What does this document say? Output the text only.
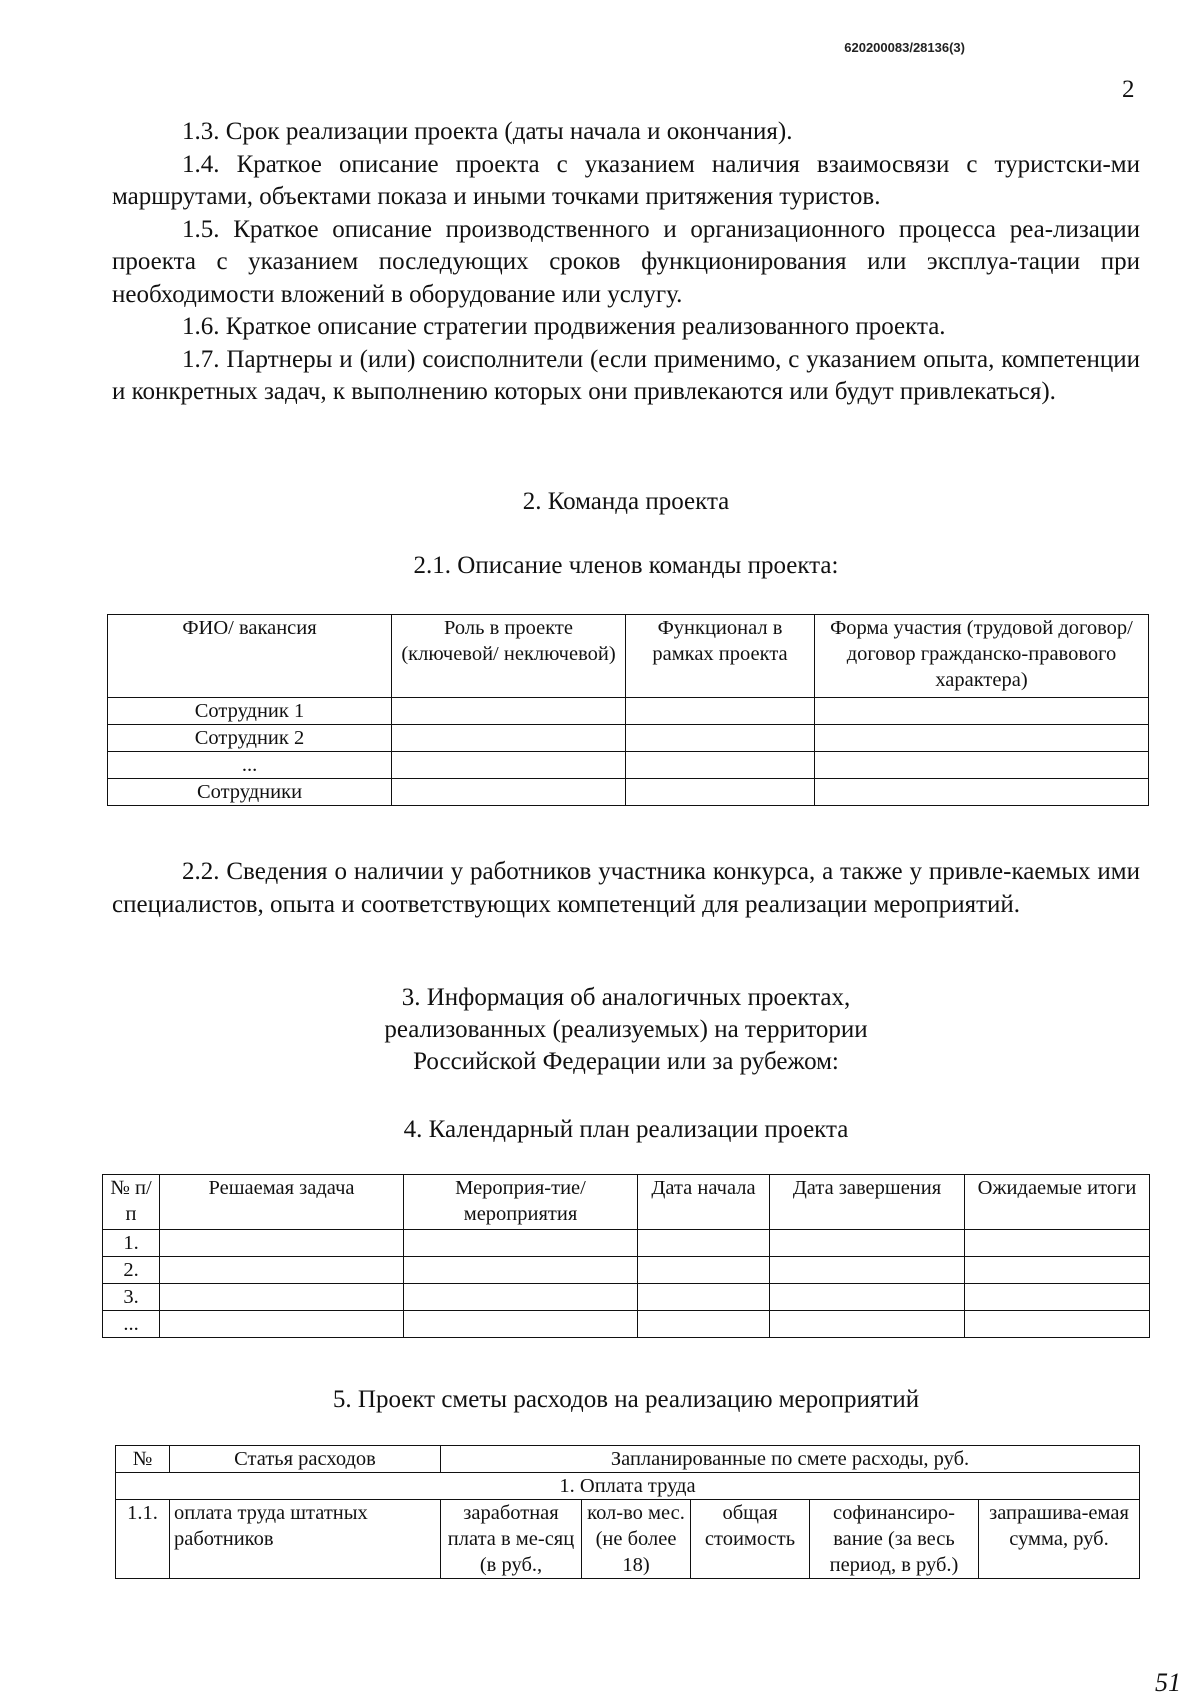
620200083/28136(3)
2

1.3. Срок реализации проекта (даты начала и окончания).

1.4. Краткое описание проекта с указанием наличия взаимосвязи с туристски-ми маршрутами, объектами показа и иными точками притяжения туристов.

1.5. Краткое описание производственного и организационного процесса реа-лизации проекта с указанием последующих сроков функционирования или эксплуа-тации при необходимости вложений в оборудование или услугу.

1.6. Краткое описание стратегии продвижения реализованного проекта.

1.7. Партнеры и (или) соисполнители (если применимо, с указанием опыта, компетенции и конкретных задач, к выполнению которых они привлекаются или будут привлекаться).

2. Команда проекта
2.1. Описание членов команды проекта:
ФИО/ вакансия	Роль в проекте (ключевой/ неключевой)	Функционал в рамках проекта	Форма участия (трудовой договор/ договор гражданско-правового характера)
Сотрудник 1			
Сотрудник 2			
...			
Сотрудники			

2.2. Сведения о наличии у работников участника конкурса, а также у привле-каемых ими специалистов, опыта и соответствующих компетенций для реализации мероприятий.

3. Информация об аналогичных проектах,
реализованных (реализуемых) на территории
Российской Федерации или за рубежом:
4. Календарный план реализации проекта
№ п/п	Решаемая задача	Мероприя-тие/мероприятия	Дата начала	Дата завершения	Ожидаемые итоги
1.					
2.					
3.					
...					
5. Проект сметы расходов на реализацию мероприятий
№	Статья расходов	Запланированные по смете расходы, руб.				
1. Оплата труда						
1.1.	оплата труда штатных работников	заработная плата в ме-сяц (в руб.,	кол-во мес. (не более 18)	общая стоимость	софинансиро-вание (за весь период, в руб.)	запрашива-емая сумма, руб.
51
